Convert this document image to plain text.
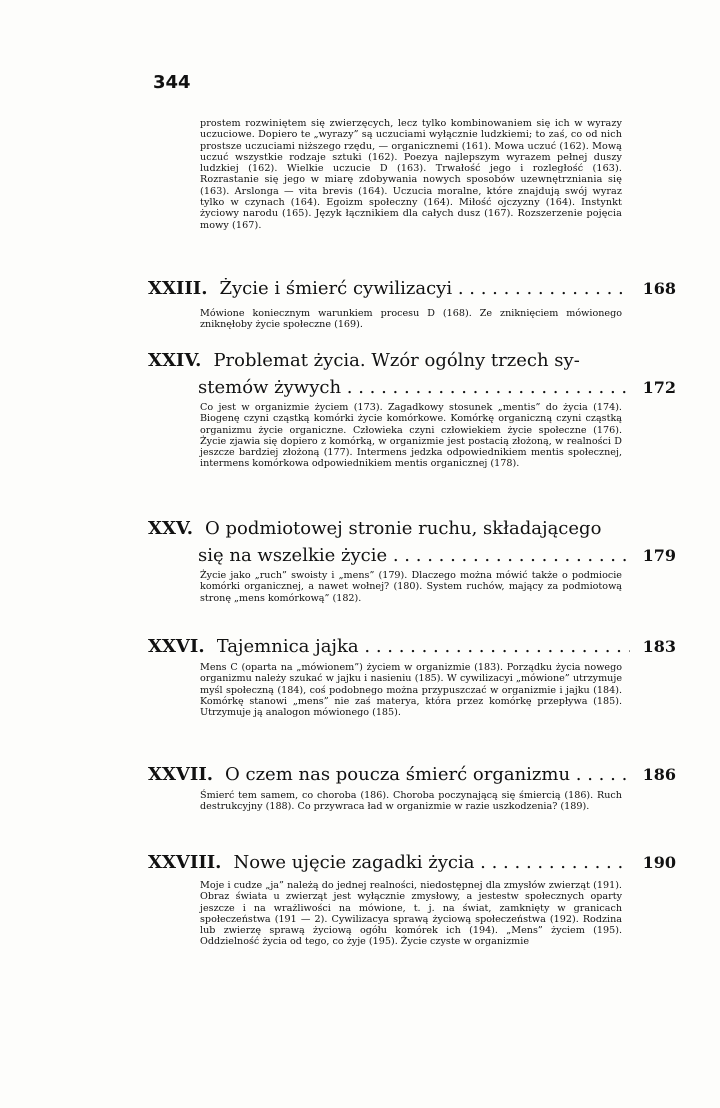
344
prostem rozwiniętem się zwierzęcych, lecz tylko kombinowaniem się ich w wyrazy uczuciowe. Dopiero te „wyrazy” są uczuciami wyłącznie ludzkiemi; to zaś, co od nich prostsze uczuciami niższego rzędu, — organicznemi (161). Mowa uczuć (162). Mową uczuć wszystkie rodzaje sztuki (162). Poezya najlepszym wyrazem pełnej duszy ludzkiej (162). Wielkie uczucie D (163). Trwałość jego i rozległość (163). Rozrastanie się jego w miarę zdobywania nowych sposobów uzewnętrzniania się (163). Arslonga — vita brevis (164). Uczucia moralne, które znajdują swój wyraz tylko w czynach (164). Egoizm społeczny (164). Miłość ojczyzny (164). Instynkt życiowy narodu (165). Język łącznikiem dla całych dusz (167). Rozszerzenie pojęcia mowy (167).
XXIII. Życie i śmierć cywilizacyi . . .	168
Mówione koniecznym warunkiem procesu D (168). Ze zniknięciem mówionego zniknęłoby życie społeczne (169).
XXIV. Problemat życia. Wzór ogólny trzech sy-
stemów żywych . . .	172
Co jest w organizmie życiem (173). Zagadkowy stosunek „mentis” do życia (174). Biogenę czyni cząstką komórki życie komórkowe. Komórkę organiczną czyni cząstką organizmu życie organiczne. Człowieka czyni człowiekiem życie społeczne (176). Życie zjawia się dopiero z komórką, w organizmie jest postacią złożoną, w realności D jeszcze bardziej złożoną (177). Intermens jedzka odpowiednikiem mentis społecznej, intermens komórkowa odpowiednikiem mentis organicznej (178).
XXV. O podmiotowej stronie ruchu, składającego
się na wszelkie życie . . .	179
Życie jako „ruch” swoisty i „mens” (179). Dlaczego można mówić także o podmiocie komórki organicznej, a nawet wołnej? (180). System ruchów, mający za podmiotową stronę „mens komórkową” (182).
XXVI. Tajemnica jajka . . .	183
Mens C (oparta na „mówionem”) życiem w organizmie (183). Porządku życia nowego organizmu należy szukać w jajku i nasieniu (185). W cywilizacyi „mówione” utrzymuje myśl społeczną (184), coś podobnego można przypuszczać w organizmie i jajku (184). Komórkę stanowi „mens” nie zaś materya, która przez komórkę przepływa (185). Utrzymuje ją analogon mówionego (185).
XXVII. O czem nas poucza śmierć organizmu . . .	186
Śmierć tem samem, co choroba (186). Choroba poczynającą się śmiercią (186). Ruch destrukcyjny (188). Co przywraca ład w organizmie w razie uszkodzenia? (189).
XXVIII. Nowe ujęcie zagadki życia . . .	190
Moje i cudze „ja” należą do jednej realności, niedostępnej dla zmysłów zwierząt (191). Obraz świata u zwierząt jest wyłącznie zmysłowy, a jestestw społecznych oparty jeszcze i na wrażliwości na mówione, t. j. na świat, zamknięty w granicach społeczeństwa (191 — 2). Cywilizacya sprawą życiową społeczeństwa (192). Rodzina lub zwierzę sprawą życiową ogółu komórek ich (194). „Mens” życiem (195). Oddzielność życia od tego, co żyje (195). Życie czyste w organizmie
